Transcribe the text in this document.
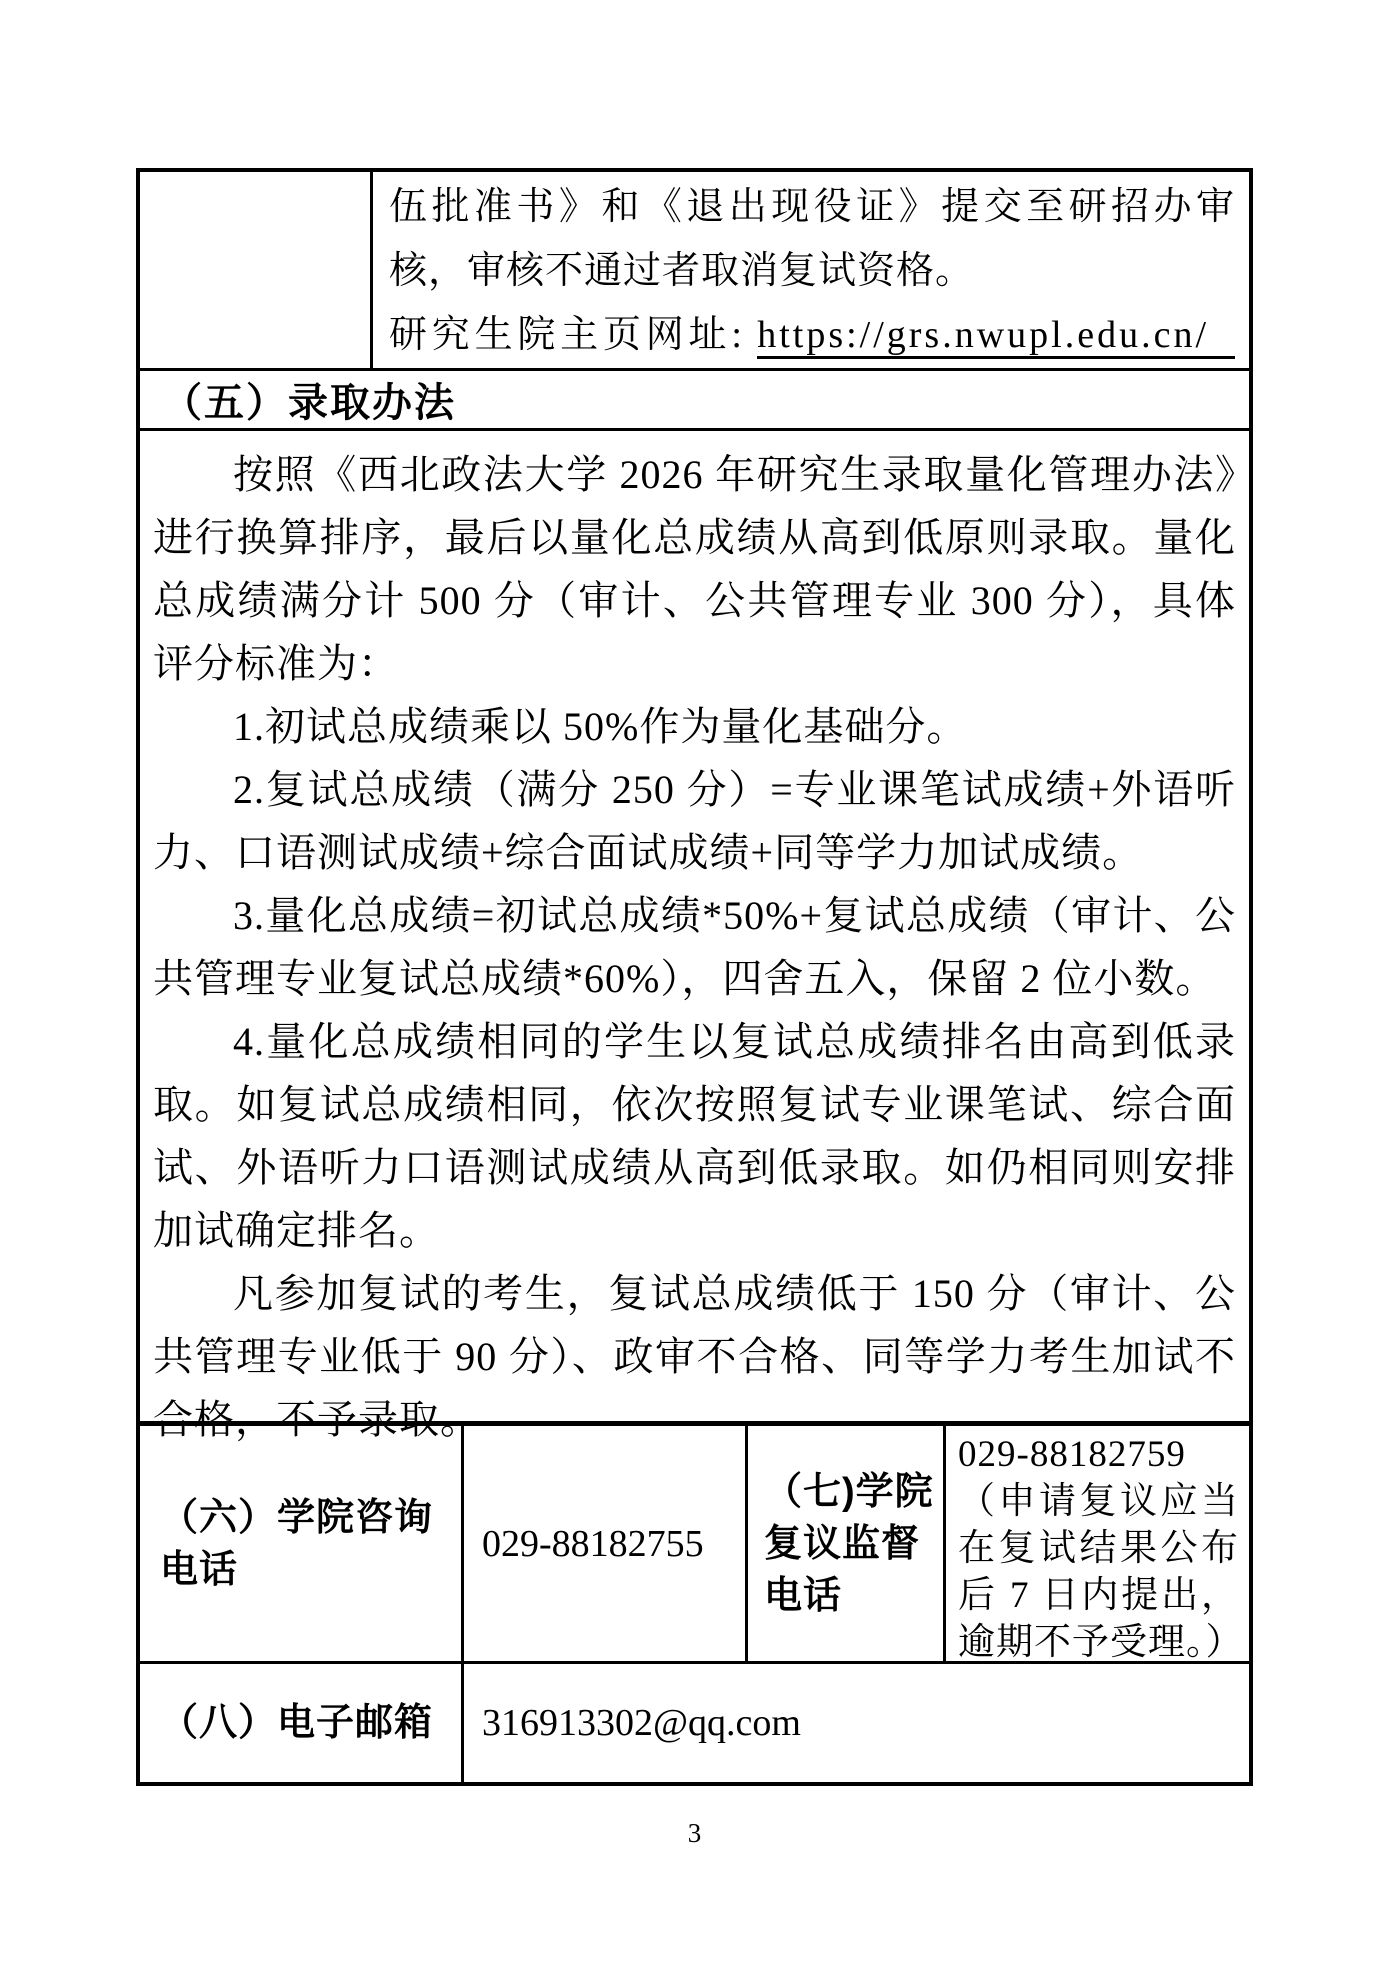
伍批准书》和《退出现役证》提交至研招办审核，审核不通过者取消复试资格。
研究生院主页网址: https://grs.nwupl.edu.cn/
（五）录取办法

按照《西北政法大学 2026 年研究生录取量化管理办法》进行换算排序，最后以量化总成绩从高到低原则录取。量化总成绩满分计 500 分（审计、公共管理专业 300 分），具体评分标准为：

1.初试总成绩乘以 50%作为量化基础分。

2.复试总成绩（满分 250 分）=专业课笔试成绩+外语听力、口语测试成绩+综合面试成绩+同等学力加试成绩。

3.量化总成绩=初试总成绩*50%+复试总成绩（审计、公共管理专业复试总成绩*60%），四舍五入，保留 2 位小数。

4.量化总成绩相同的学生以复试总成绩排名由高到低录取。如复试总成绩相同，依次按照复试专业课笔试、综合面试、外语听力口语测试成绩从高到低录取。如仍相同则安排加试确定排名。

凡参加复试的考生，复试总成绩低于 150 分（审计、公共管理专业低于 90 分）、政审不合格、同等学力考生加试不合格，不予录取。

（六）学院咨询电话
029-88182755
（七)学院复议监督电话
029-88182759（申请复议应当在复试结果公布后 7 日内提出，逾期不予受理。）
（八）电子邮箱 316913302@qq.com
3
